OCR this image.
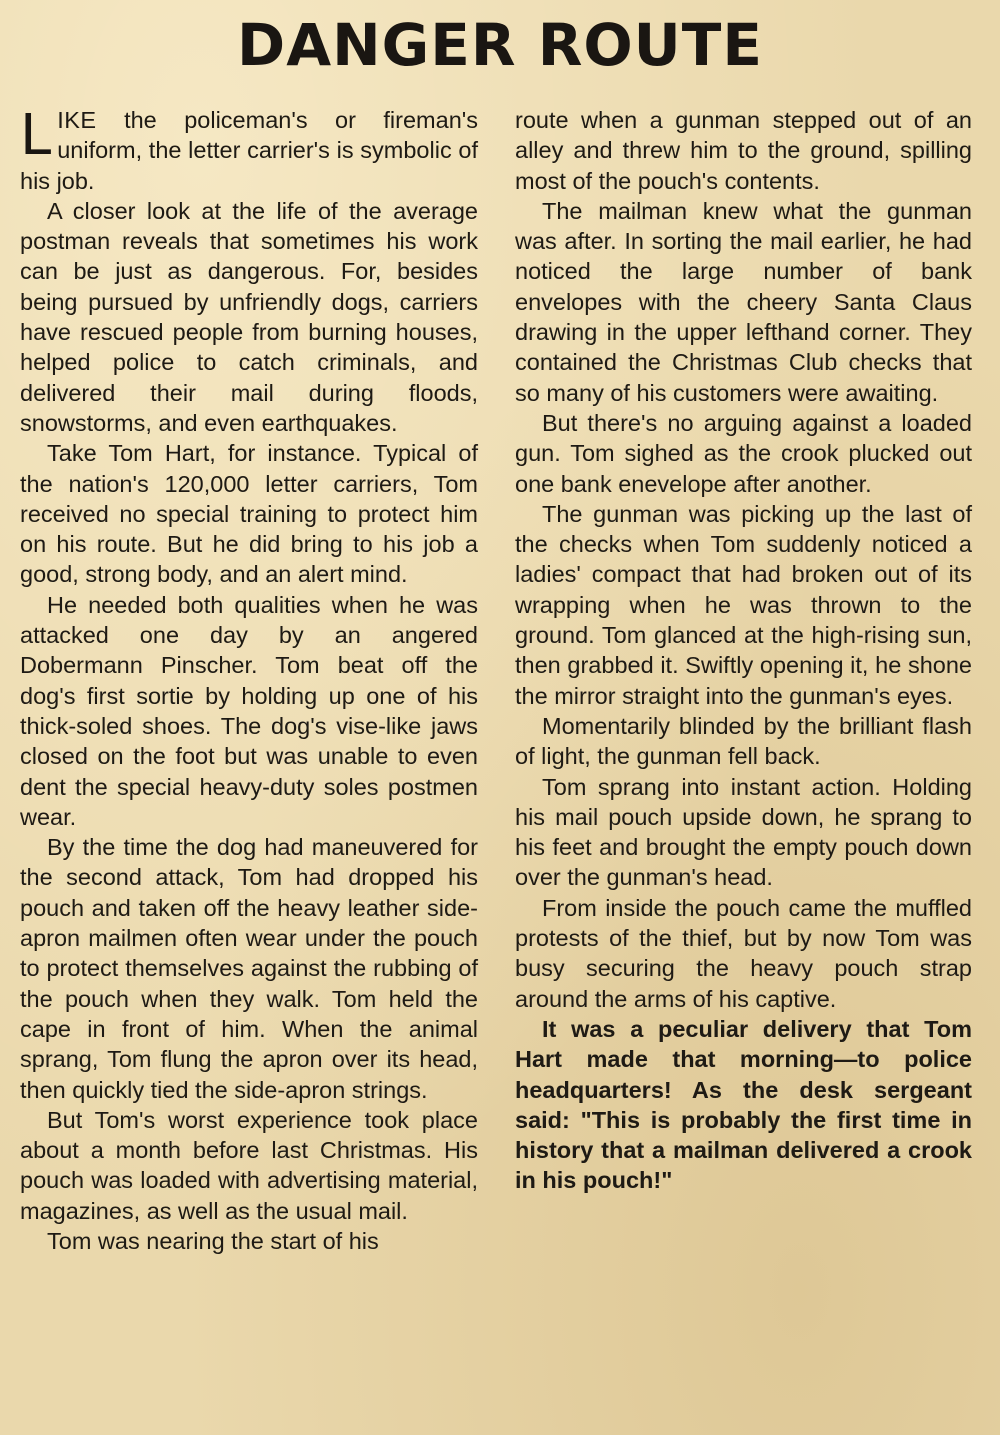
DANGER ROUTE

LIKE the policeman's or fireman's uniform, the letter carrier's is symbolic of his job.

A closer look at the life of the average postman reveals that sometimes his work can be just as dangerous. For, besides being pursued by unfriendly dogs, carriers have rescued people from burning houses, helped police to catch criminals, and delivered their mail during floods, snowstorms, and even earthquakes.

Take Tom Hart, for instance. Typical of the nation's 120,000 letter carriers, Tom received no special training to protect him on his route. But he did bring to his job a good, strong body, and an alert mind.

He needed both qualities when he was attacked one day by an angered Dobermann Pinscher. Tom beat off the dog's first sortie by holding up one of his thick-soled shoes. The dog's vise-like jaws closed on the foot but was unable to even dent the special heavy-duty soles postmen wear.

By the time the dog had maneuvered for the second attack, Tom had dropped his pouch and taken off the heavy leather side-apron mailmen often wear under the pouch to protect themselves against the rubbing of the pouch when they walk. Tom held the cape in front of him. When the animal sprang, Tom flung the apron over its head, then quickly tied the side-apron strings.

But Tom's worst experience took place about a month before last Christmas. His pouch was loaded with advertising material, magazines, as well as the usual mail.

Tom was nearing the start of his

route when a gunman stepped out of an alley and threw him to the ground, spilling most of the pouch's contents.

The mailman knew what the gunman was after. In sorting the mail earlier, he had noticed the large number of bank envelopes with the cheery Santa Claus drawing in the upper lefthand corner. They contained the Christmas Club checks that so many of his customers were awaiting.

But there's no arguing against a loaded gun. Tom sighed as the crook plucked out one bank enevelope after another.

The gunman was picking up the last of the checks when Tom suddenly noticed a ladies' compact that had broken out of its wrapping when he was thrown to the ground. Tom glanced at the high-rising sun, then grabbed it. Swiftly opening it, he shone the mirror straight into the gunman's eyes.

Momentarily blinded by the brilliant flash of light, the gunman fell back.

Tom sprang into instant action. Holding his mail pouch upside down, he sprang to his feet and brought the empty pouch down over the gunman's head.

From inside the pouch came the muffled protests of the thief, but by now Tom was busy securing the heavy pouch strap around the arms of his captive.

It was a peculiar delivery that Tom Hart made that morning—to police headquarters! As the desk sergeant said: "This is probably the first time in history that a mailman delivered a crook in his pouch!"
